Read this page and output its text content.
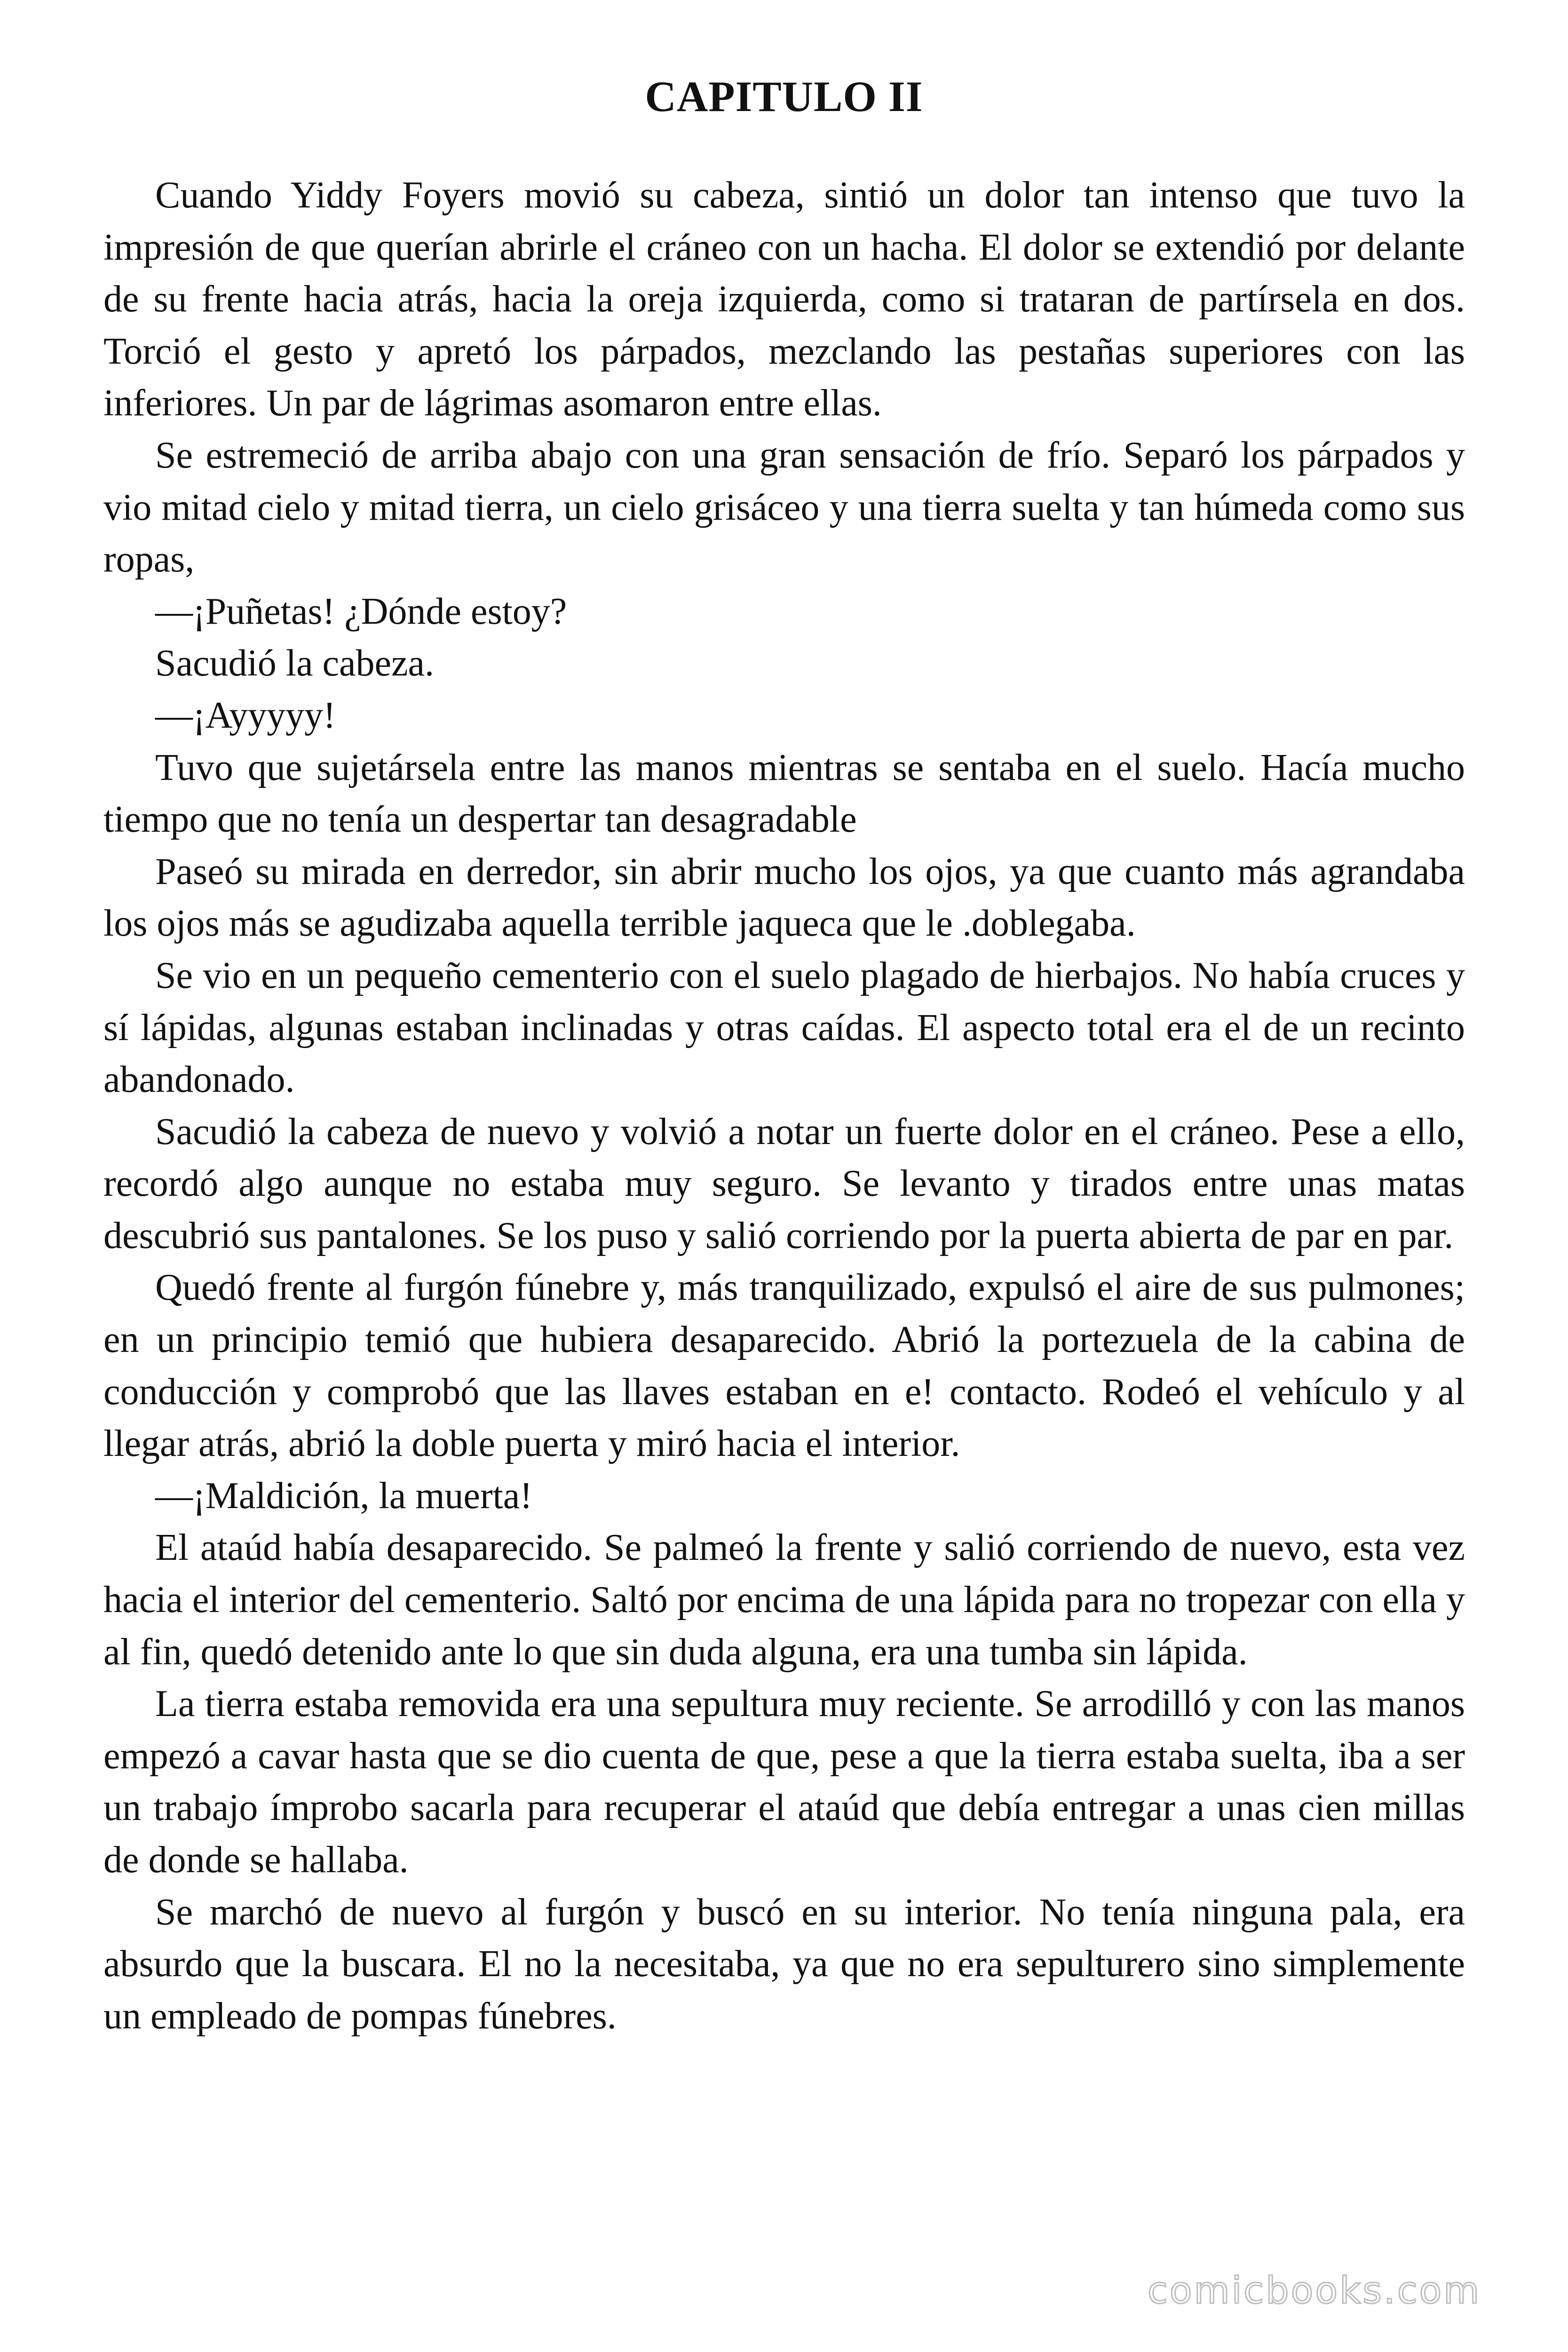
CAPITULO II

Cuando Yiddy Foyers movió su cabeza, sintió un dolor tan intenso que tuvo la impresión de que querían abrirle el cráneo con un hacha. El dolor se extendió por delante de su frente hacia atrás, hacia la oreja izquierda, como si trataran de partírsela en dos. Torció el gesto y apretó los párpados, mezclando las pestañas superiores con las inferiores. Un par de lágrimas asomaron entre ellas.

Se estremeció de arriba abajo con una gran sensación de frío. Separó los párpados y vio mitad cielo y mitad tierra, un cielo grisáceo y una tierra suelta y tan húmeda como sus ropas,

—¡Puñetas! ¿Dónde estoy?

Sacudió la cabeza.

—¡Ayyyyy!

Tuvo que sujetársela entre las manos mientras se sentaba en el suelo. Hacía mucho tiempo que no tenía un despertar tan desagradable

Paseó su mirada en derredor, sin abrir mucho los ojos, ya que cuanto más agrandaba los ojos más se agudizaba aquella terrible jaqueca que le .doblegaba.

Se vio en un pequeño cementerio con el suelo plagado de hierbajos. No había cruces y sí lápidas, algunas estaban inclinadas y otras caídas. El aspecto total era el de un recinto abandonado.

Sacudió la cabeza de nuevo y volvió a notar un fuerte dolor en el cráneo. Pese a ello, recordó algo aunque no estaba muy seguro. Se levanto y tirados entre unas matas descubrió sus pantalones. Se los puso y salió corriendo por la puerta abierta de par en par.

Quedó frente al furgón fúnebre y, más tranquilizado, expulsó el aire de sus pulmones; en un principio temió que hubiera desaparecido. Abrió la portezuela de la cabina de conducción y comprobó que las llaves estaban en e! contacto. Rodeó el vehículo y al llegar atrás, abrió la doble puerta y miró hacia el interior.

—¡Maldición, la muerta!

El ataúd había desaparecido. Se palmeó la frente y salió corriendo de nuevo, esta vez hacia el interior del cementerio. Saltó por encima de una lápida para no tropezar con ella y al fin, quedó detenido ante lo que sin duda alguna, era una tumba sin lápida.

La tierra estaba removida era una sepultura muy reciente. Se arrodilló y con las manos empezó a cavar hasta que se dio cuenta de que, pese a que la tierra estaba suelta, iba a ser un trabajo ímprobo sacarla para recuperar el ataúd que debía entregar a unas cien millas de donde se hallaba.

Se marchó de nuevo al furgón y buscó en su interior. No tenía ninguna pala, era absurdo que la buscara. El no la necesitaba, ya que no era sepulturero sino simplemente un empleado de pompas fúnebres.

comicbooks.com
